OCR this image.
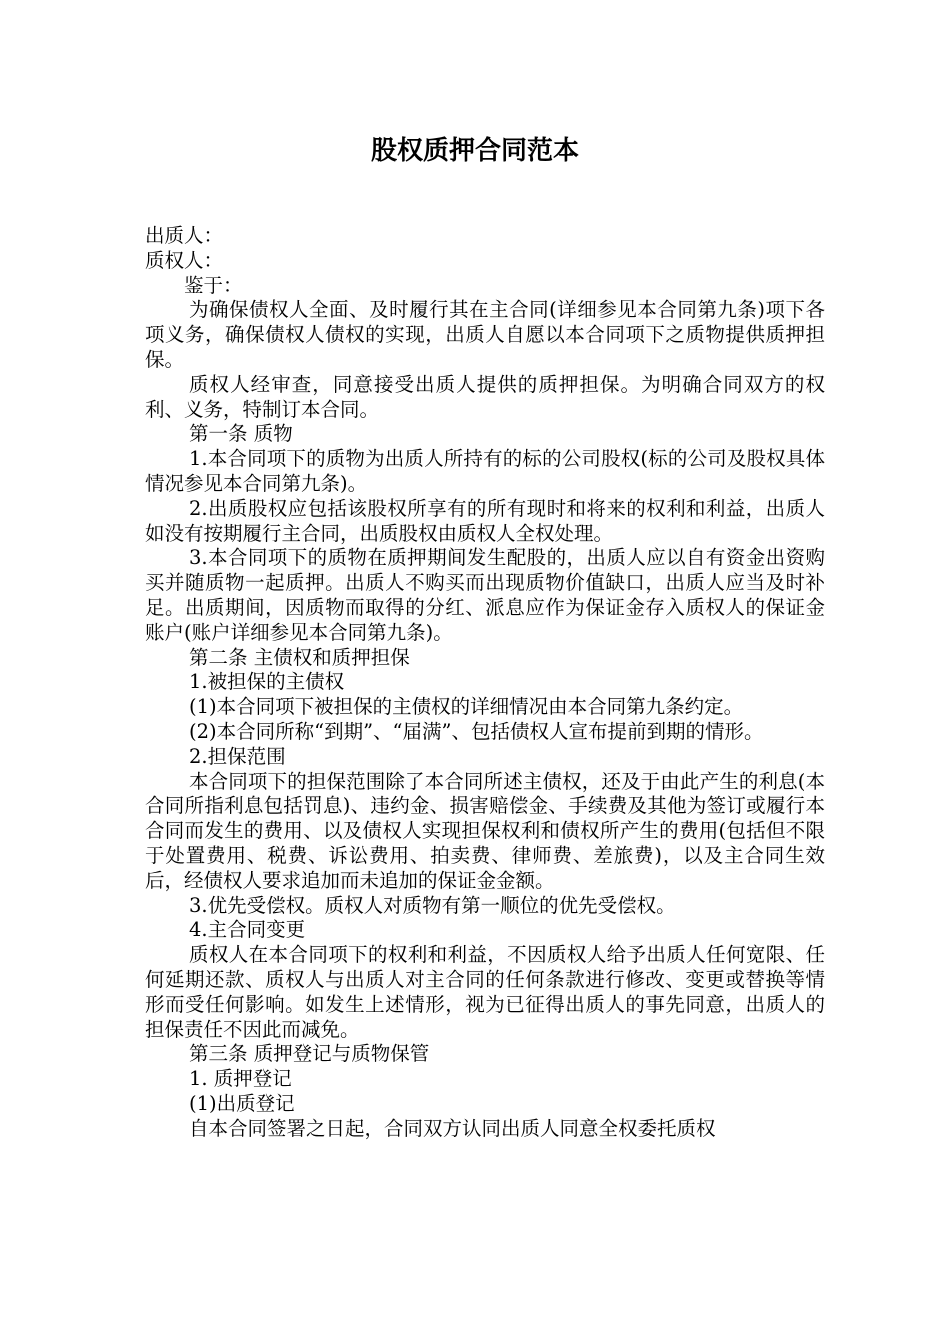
股权质押合同范本

出质人：

质权人：

鉴于：

为确保债权人全面、及时履行其在主合同(详细参见本合同第九条)项下各项义务，确保债权人债权的实现，出质人自愿以本合同项下之质物提供质押担保。

质权人经审查，同意接受出质人提供的质押担保。为明确合同双方的权利、义务，特制订本合同。

第一条 质物

1.本合同项下的质物为出质人所持有的标的公司股权(标的公司及股权具体情况参见本合同第九条)。

2.出质股权应包括该股权所享有的所有现时和将来的权利和利益，出质人如没有按期履行主合同，出质股权由质权人全权处理。

3.本合同项下的质物在质押期间发生配股的，出质人应以自有资金出资购买并随质物一起质押。出质人不购买而出现质物价值缺口，出质人应当及时补足。出质期间，因质物而取得的分红、派息应作为保证金存入质权人的保证金账户(账户详细参见本合同第九条)。

第二条 主债权和质押担保

1.被担保的主债权

(1)本合同项下被担保的主债权的详细情况由本合同第九条约定。

(2)本合同所称“到期”、“届满”、包括债权人宣布提前到期的情形。

2.担保范围

本合同项下的担保范围除了本合同所述主债权，还及于由此产生的利息(本合同所指利息包括罚息)、违约金、损害赔偿金、手续费及其他为签订或履行本合同而发生的费用、以及债权人实现担保权利和债权所产生的费用(包括但不限于处置费用、税费、诉讼费用、拍卖费、律师费、差旅费)，以及主合同生效后，经债权人要求追加而未追加的保证金金额。

3.优先受偿权。质权人对质物有第一顺位的优先受偿权。

4.主合同变更

质权人在本合同项下的权利和利益，不因质权人给予出质人任何宽限、任何延期还款、质权人与出质人对主合同的任何条款进行修改、变更或替换等情形而受任何影响。如发生上述情形，视为已征得出质人的事先同意，出质人的担保责任不因此而减免。

第三条 质押登记与质物保管

1. 质押登记

(1)出质登记

自本合同签署之日起，合同双方认同出质人同意全权委托质权
